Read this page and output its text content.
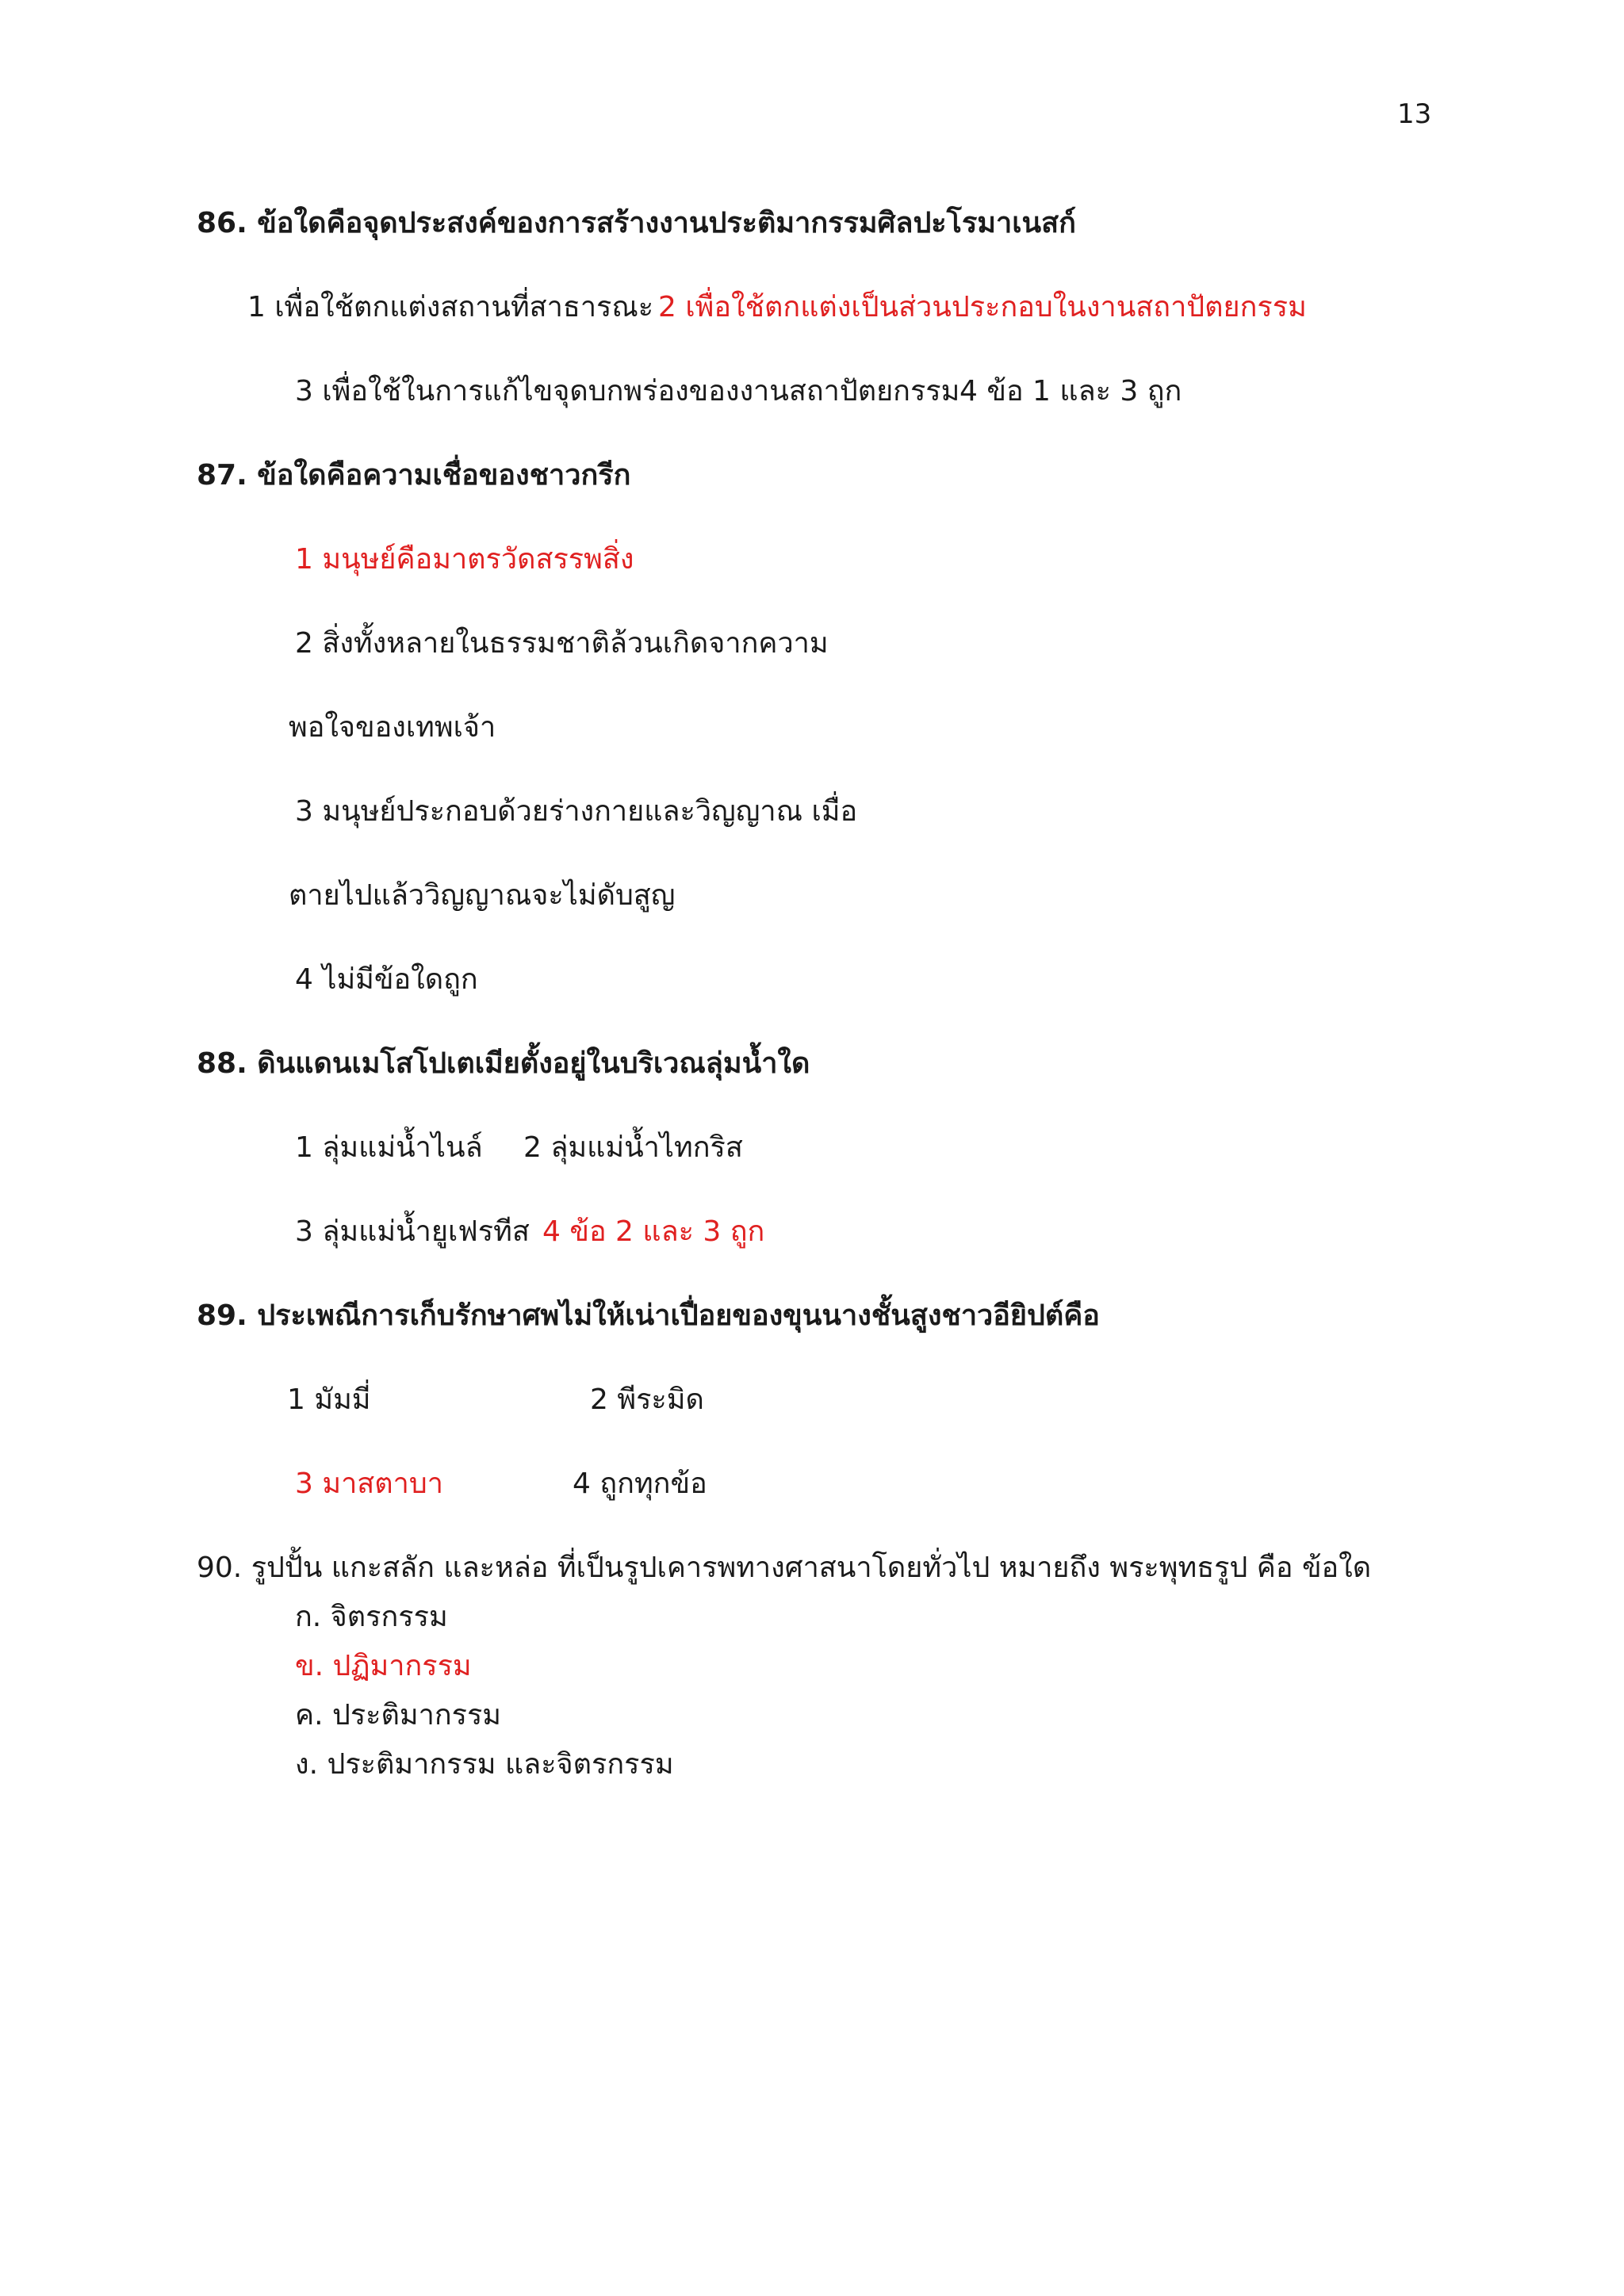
13
86. ข้อใดคือจุดประสงค์ของการสร้างงานประติมากรรมศิลปะโรมาเนสก์
1 เพื่อใช้ตกแต่งสถานที่สาธารณะ 2 เพื่อใช้ตกแต่งเป็นส่วนประกอบในงานสถาปัตยกรรม
3 เพื่อใช้ในการแก้ไขจุดบกพร่องของงานสถาปัตยกรรม 4 ข้อ 1 และ 3 ถูก
87. ข้อใดคือความเชื่อของชาวกรีก
1 มนุษย์คือมาตรวัดสรรพสิ่ง
2 สิ่งทั้งหลายในธรรมชาติล้วนเกิดจากความ
พอใจของเทพเจ้า
3 มนุษย์ประกอบด้วยร่างกายและวิญญาณ เมื่อ
ตายไปแล้ววิญญาณจะไม่ดับสูญ
4 ไม่มีข้อใดถูก
88. ดินแดนเมโสโปเตเมียตั้งอยู่ในบริเวณลุ่มน้ำใด
1 ลุ่มแม่น้ำไนล์ 2 ลุ่มแม่น้ำไทกริส
3 ลุ่มแม่น้ำยูเฟรทีส 4 ข้อ 2 และ 3 ถูก
89. ประเพณีการเก็บรักษาศพไม่ให้เน่าเปื่อยของขุนนางชั้นสูงชาวอียิปต์คือ
1 มัมมี่	2 พีระมิด
3 มาสตาบา	4 ถูกทุกข้อ
90. รูปปั้น แกะสลัก และหล่อ ที่เป็นรูปเคารพทางศาสนาโดยทั่วไป หมายถึง พระพุทธรูป คือ ข้อใด
ก. จิตรกรรม
ข. ปฏิมากรรม
ค. ประติมากรรม
ง. ประติมากรรม และจิตรกรรม
